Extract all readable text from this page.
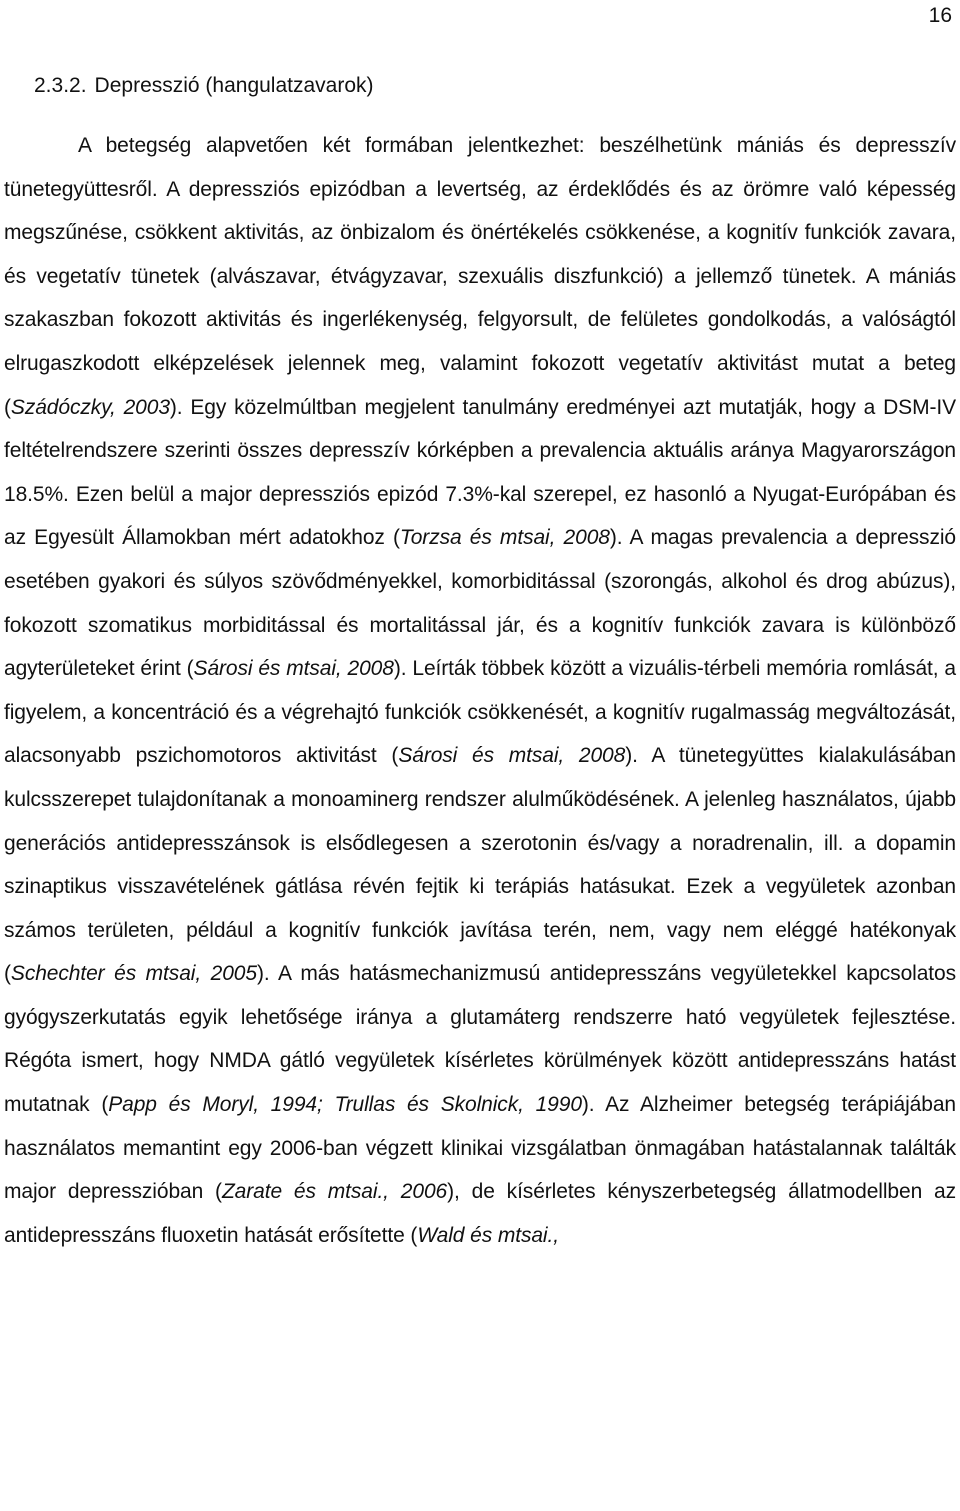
16
2.3.2. Depresszió (hangulatzavarok)

A betegség alapvetően két formában jelentkezhet: beszélhetünk mániás és depresszív tünetegyüttesről. A depressziós epizódban a levertség, az érdeklődés és az örömre való képesség megszűnése, csökkent aktivitás, az önbizalom és önértékelés csökkenése, a kognitív funkciók zavara, és vegetatív tünetek (alvászavar, étvágyzavar, szexuális diszfunkció) a jellemző tünetek. A mániás szakaszban fokozott aktivitás és ingerlékenység, felgyorsult, de felületes gondolkodás, a valóságtól elrugaszkodott elképzelések jelennek meg, valamint fokozott vegetatív aktivitást mutat a beteg (Szádóczky, 2003). Egy közelmúltban megjelent tanulmány eredményei azt mutatják, hogy a DSM-IV feltételrendszere szerinti összes depresszív kórképben a prevalencia aktuális aránya Magyarországon 18.5%. Ezen belül a major depressziós epizód 7.3%-kal szerepel, ez hasonló a Nyugat-Európában és az Egyesült Államokban mért adatokhoz (Torzsa és mtsai, 2008). A magas prevalencia a depresszió esetében gyakori és súlyos szövődményekkel, komorbiditással (szorongás, alkohol és drog abúzus), fokozott szomatikus morbiditással és mortalitással jár, és a kognitív funkciók zavara is különböző agyterületeket érint (Sárosi és mtsai, 2008). Leírták többek között a vizuális-térbeli memória romlását, a figyelem, a koncentráció és a végrehajtó funkciók csökkenését, a kognitív rugalmasság megváltozását, alacsonyabb pszichomotoros aktivitást (Sárosi és mtsai, 2008). A tünetegyüttes kialakulásában kulcsszerepet tulajdonítanak a monoaminerg rendszer alulműködésének. A jelenleg használatos, újabb generációs antidepresszánsok is elsődlegesen a szerotonin és/vagy a noradrenalin, ill. a dopamin szinaptikus visszavételének gátlása révén fejtik ki terápiás hatásukat. Ezek a vegyületek azonban számos területen, például a kognitív funkciók javítása terén, nem, vagy nem eléggé hatékonyak (Schechter és mtsai, 2005). A más hatásmechanizmusú antidepresszáns vegyületekkel kapcsolatos gyógyszerkutatás egyik lehetősége iránya a glutamáterg rendszerre ható vegyületek fejlesztése. Régóta ismert, hogy NMDA gátló vegyületek kísérletes körülmények között antidepresszáns hatást mutatnak (Papp és Moryl, 1994; Trullas és Skolnick, 1990). Az Alzheimer betegség terápiájában használatos memantint egy 2006-ban végzett klinikai vizsgálatban önmagában hatástalannak találták major depresszióban (Zarate és mtsai., 2006), de kísérletes kényszerbetegség állatmodellben az antidepresszáns fluoxetin hatását erősítette (Wald és mtsai.,
